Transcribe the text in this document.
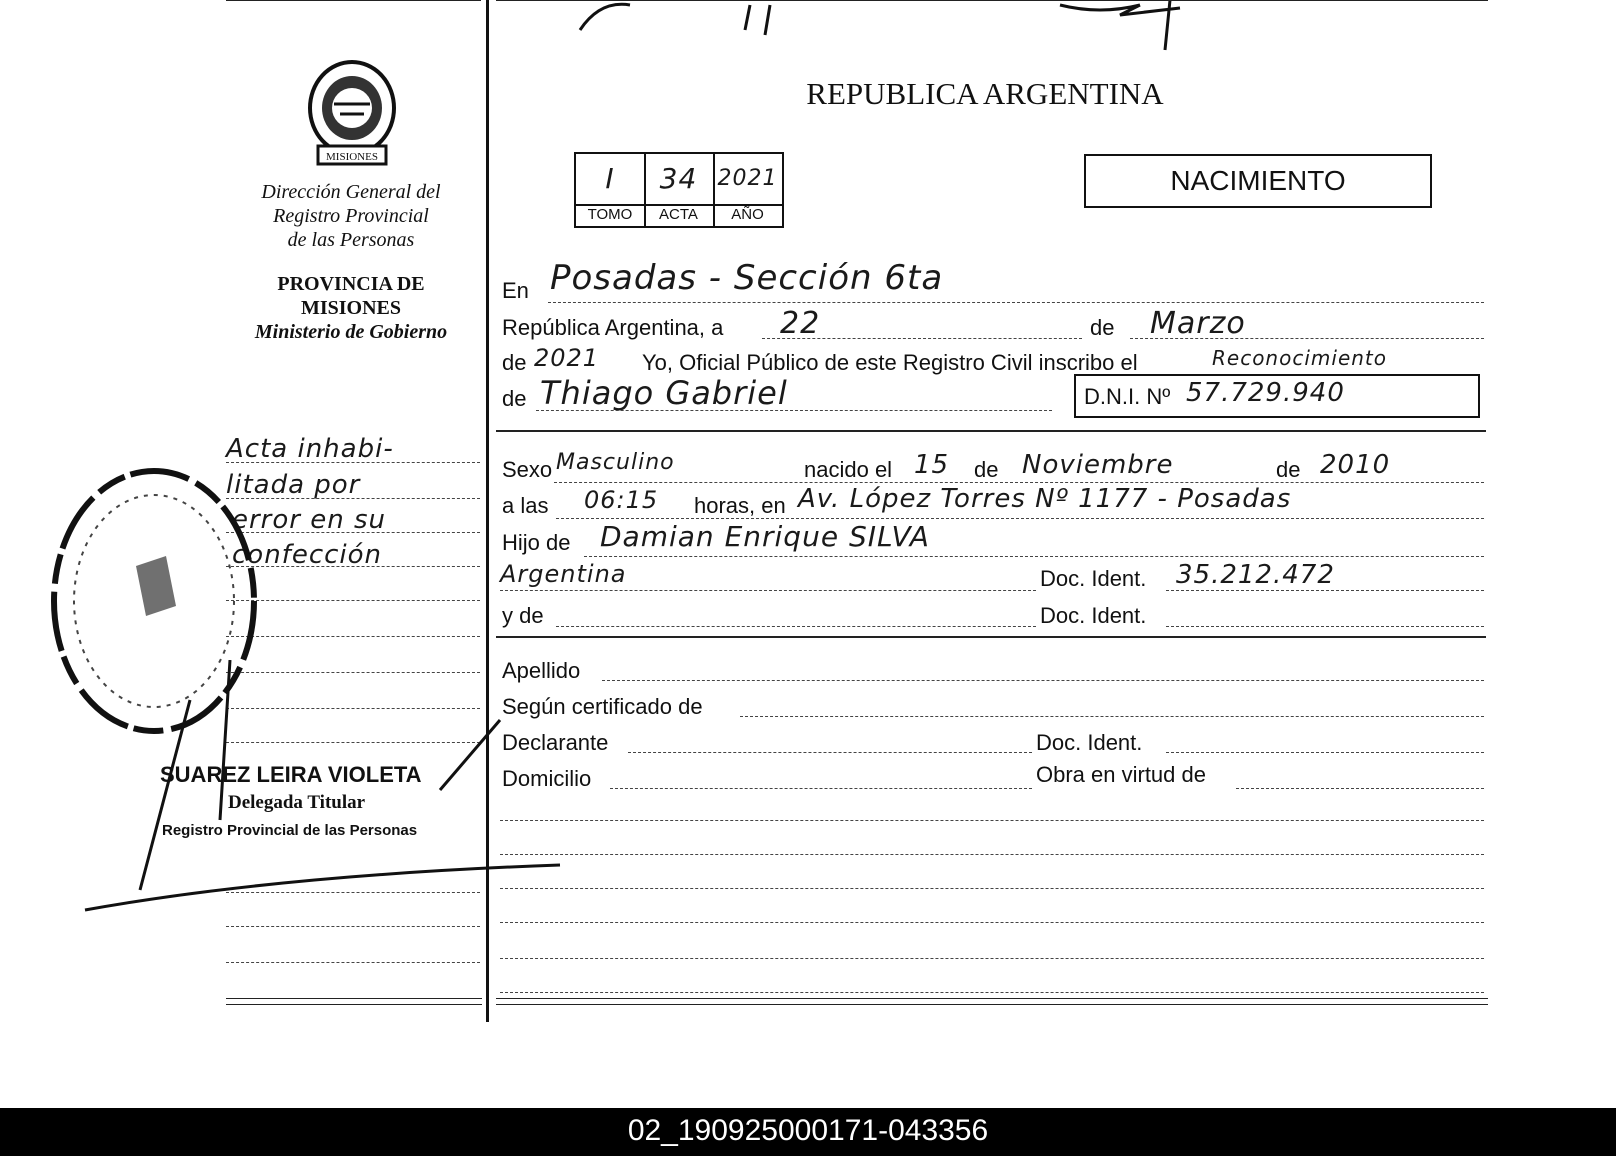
MISIONES
Dirección General del
Registro Provincial
de las Personas
PROVINCIA DE
MISIONES
Ministerio de Gobierno
REPUBLICA ARGENTINA
I	34 2021
TOMO	ACTA	AÑO
NACIMIENTO
En Posadas - Sección 6ta
República Argentina, a 22	de Marzo
de 2021 Yo, Oficial Público de este Registro Civil inscribo el	Reconocimiento
de Thiago Gabriel	D.N.I. Nº 57.729.940
Sexo Masculino	nacido el 15 de Noviembre	de 2010
a las 06:15 horas, en Av. López Torres Nº 1177 - Posadas
Hijo de Damian Enrique SILVA
Argentina	Doc. Ident. 35.212.472
y de	Doc. Ident.
Apellido
Según certificado de
Declarante	Doc. Ident.
Domicilio	Obra en virtud de
Acta inhabi-
litada por
error en su
confección
SUAREZ LEIRA VIOLETA
Delegada Titular
Registro Provincial de las Personas
02_190925000171-043356
